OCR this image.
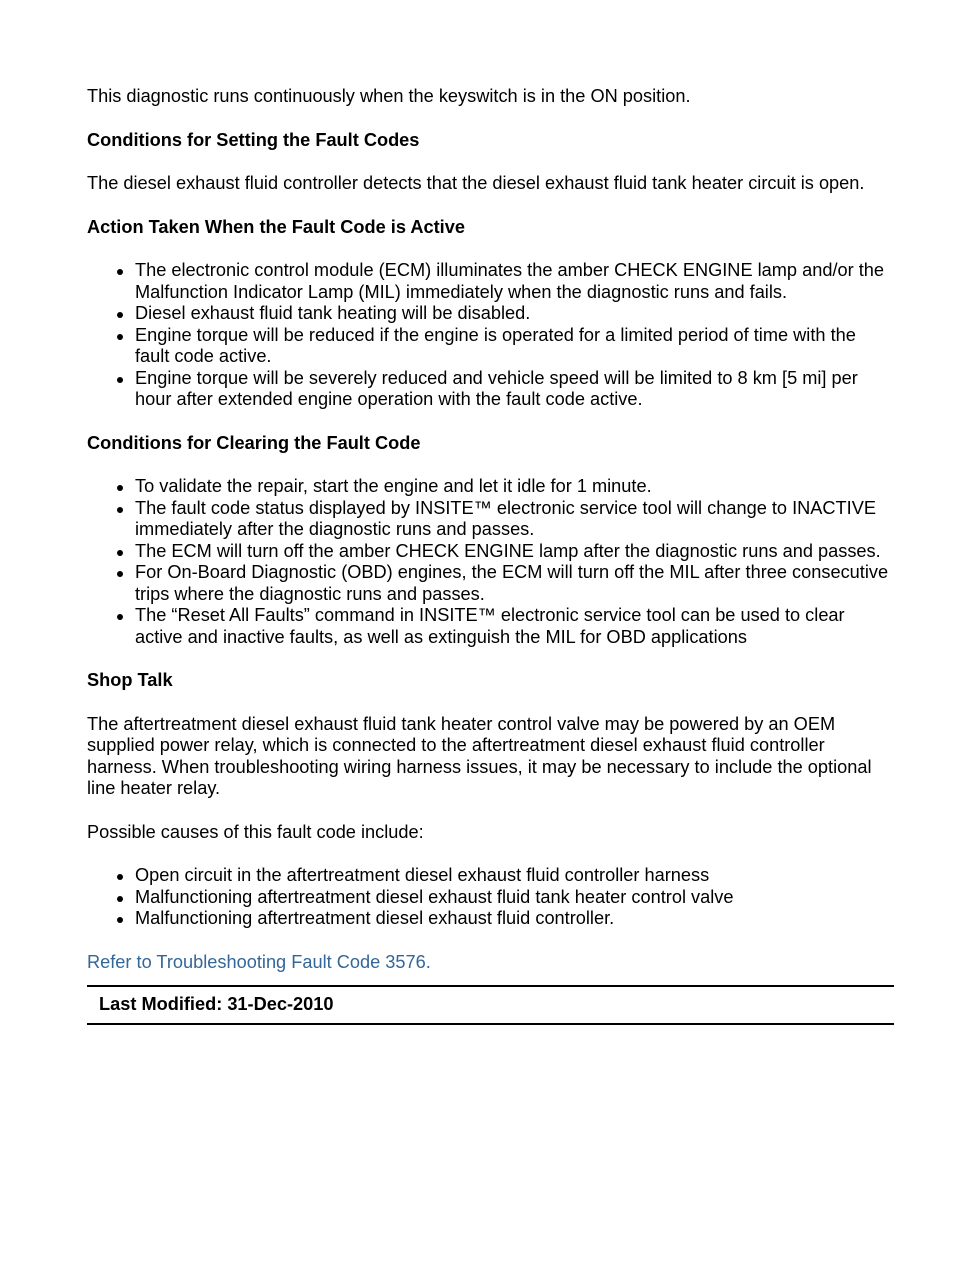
This diagnostic runs continuously when the keyswitch is in the ON position.

Conditions for Setting the Fault Codes

The diesel exhaust fluid controller detects that the diesel exhaust fluid tank heater circuit is open.

Action Taken When the Fault Code is Active
The electronic control module (ECM) illuminates the amber CHECK ENGINE lamp and/or the Malfunction Indicator Lamp (MIL) immediately when the diagnostic runs and fails.
Diesel exhaust fluid tank heating will be disabled.
Engine torque will be reduced if the engine is operated for a limited period of time with the fault code active.
Engine torque will be severely reduced and vehicle speed will be limited to 8 km [5 mi] per hour after extended engine operation with the fault code active.
Conditions for Clearing the Fault Code
To validate the repair, start the engine and let it idle for 1 minute.
The fault code status displayed by INSITE™ electronic service tool will change to INACTIVE immediately after the diagnostic runs and passes.
The ECM will turn off the amber CHECK ENGINE lamp after the diagnostic runs and passes.
For On-Board Diagnostic (OBD) engines, the ECM will turn off the MIL after three consecutive trips where the diagnostic runs and passes.
The “Reset All Faults” command in INSITE™ electronic service tool can be used to clear active and inactive faults, as well as extinguish the MIL for OBD applications
Shop Talk

The aftertreatment diesel exhaust fluid tank heater control valve may be powered by an OEM supplied power relay, which is connected to the aftertreatment diesel exhaust fluid controller harness. When troubleshooting wiring harness issues, it may be necessary to include the optional line heater relay.

Possible causes of this fault code include:

Open circuit in the aftertreatment diesel exhaust fluid controller harness
Malfunctioning aftertreatment diesel exhaust fluid tank heater control valve
Malfunctioning aftertreatment diesel exhaust fluid controller.
Refer to Troubleshooting Fault Code 3576.
Last Modified: 31-Dec-2010
